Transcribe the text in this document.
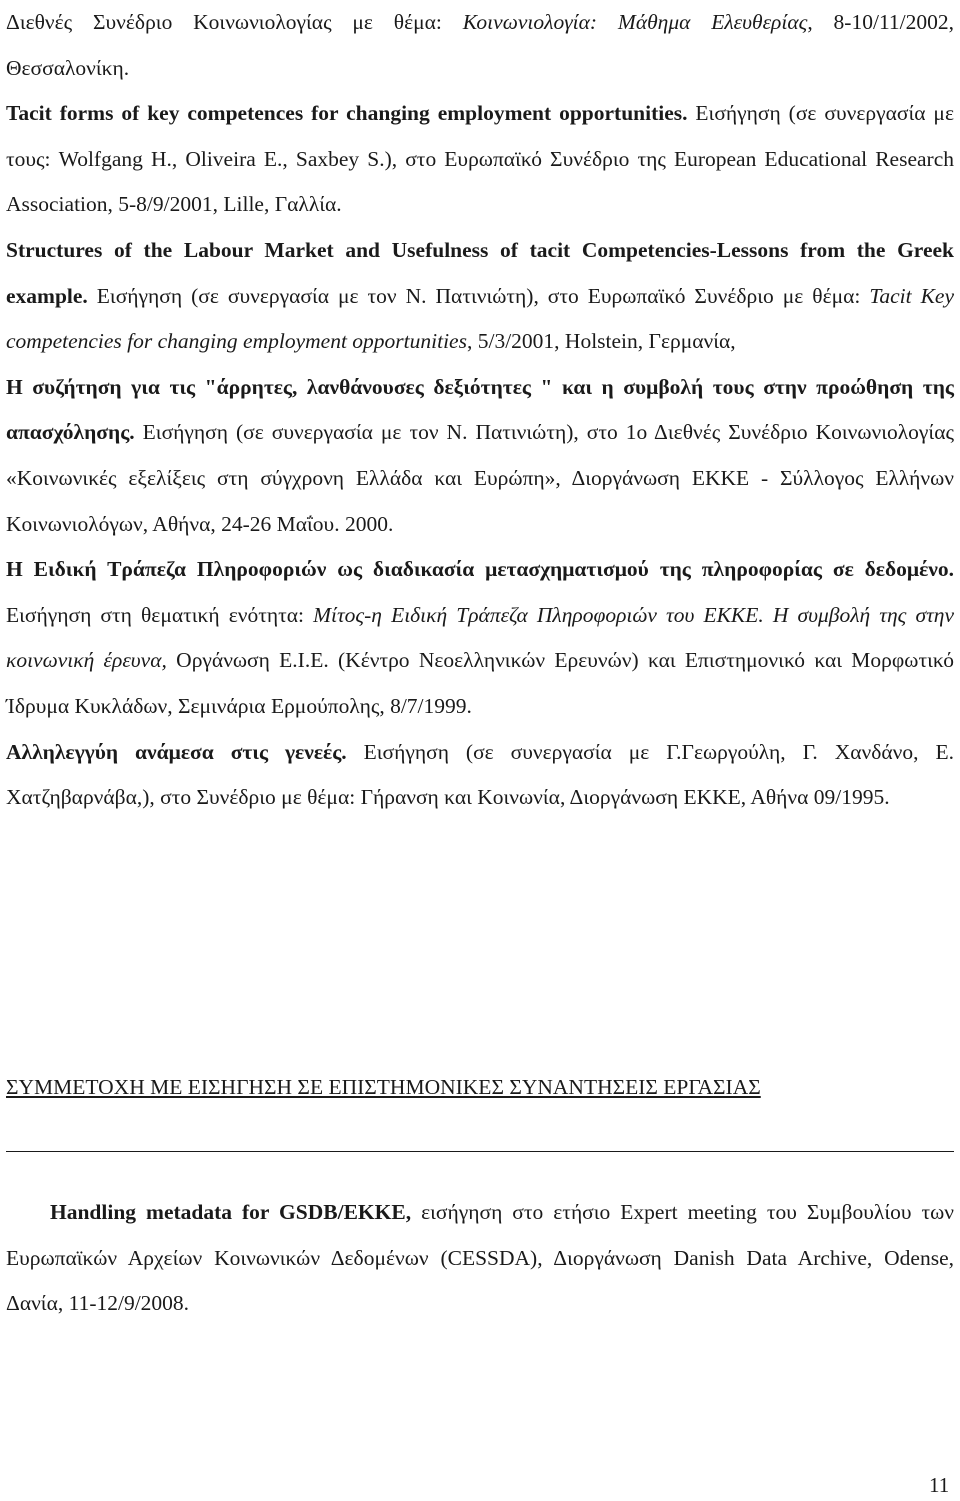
Διεθνές Συνέδριο Κοινωνιολογίας με θέμα: Κοινωνιολογία: Μάθημα Ελευθερίας, 8-10/11/2002, Θεσσαλονίκη.

Tacit forms of key competences for changing employment opportunities. Εισήγηση (σε συνεργασία με τους: Wolfgang H., Oliveira E., Saxbey S.), στο Ευρωπαϊκό Συνέδριο της European Educational Research Association, 5-8/9/2001, Lille, Γαλλία.

Structures of the Labour Market and Usefulness of tacit Competencies-Lessons from the Greek example. Εισήγηση (σε συνεργασία με τον Ν. Πατινιώτη), στο Ευρωπαϊκό Συνέδριο με θέμα: Tacit Key competencies for changing employment opportunities, 5/3/2001, Holstein, Γερμανία,

Η συζήτηση για τις "άρρητες, λανθάνουσες δεξιότητες " και η συμβολή τους στην προώθηση της απασχόλησης. Εισήγηση (σε συνεργασία με τον Ν. Πατινιώτη), στο 1ο Διεθνές Συνέδριο Κοινωνιολογίας «Κοινωνικές εξελίξεις στη σύγχρονη Ελλάδα και Ευρώπη», Διοργάνωση ΕΚΚΕ - Σύλλογος Ελλήνων Κοινωνιολόγων, Αθήνα, 24-26 Μαΐου. 2000.

Η Ειδική Τράπεζα Πληροφοριών ως διαδικασία μετασχηματισμού της πληροφορίας σε δεδομένο. Εισήγηση στη θεματική ενότητα: Μίτος-η Ειδική Τράπεζα Πληροφοριών του ΕΚΚΕ. Η συμβολή της στην κοινωνική έρευνα, Οργάνωση Ε.Ι.Ε. (Κέντρο Νεοελληνικών Ερευνών) και Επιστημονικό και Μορφωτικό Ίδρυμα Κυκλάδων, Σεμινάρια Ερμούπολης, 8/7/1999.

Αλληλεγγύη ανάμεσα στις γενεές. Εισήγηση (σε συνεργασία με Γ.Γεωργούλη, Γ. Χανδάνο, Ε. Χατζηβαρνάβα,), στο Συνέδριο με θέμα: Γήρανση και Κοινωνία, Διοργάνωση ΕΚΚΕ, Αθήνα 09/1995.

ΣΥΜΜΕΤΟΧΗ ΜΕ ΕΙΣΗΓΗΣΗ ΣΕ ΕΠΙΣΤΗΜΟΝΙΚΕΣ ΣΥΝΑΝΤΗΣΕΙΣ ΕΡΓΑΣΙΑΣ

Handling metadata for GSDB/EKKE, εισήγηση στο ετήσιο Expert meeting του Συμβουλίου των Ευρωπαϊκών Αρχείων Κοινωνικών Δεδομένων (CESSDA), Διοργάνωση Danish Data Archive, Odense, Δανία, 11-12/9/2008.

11
